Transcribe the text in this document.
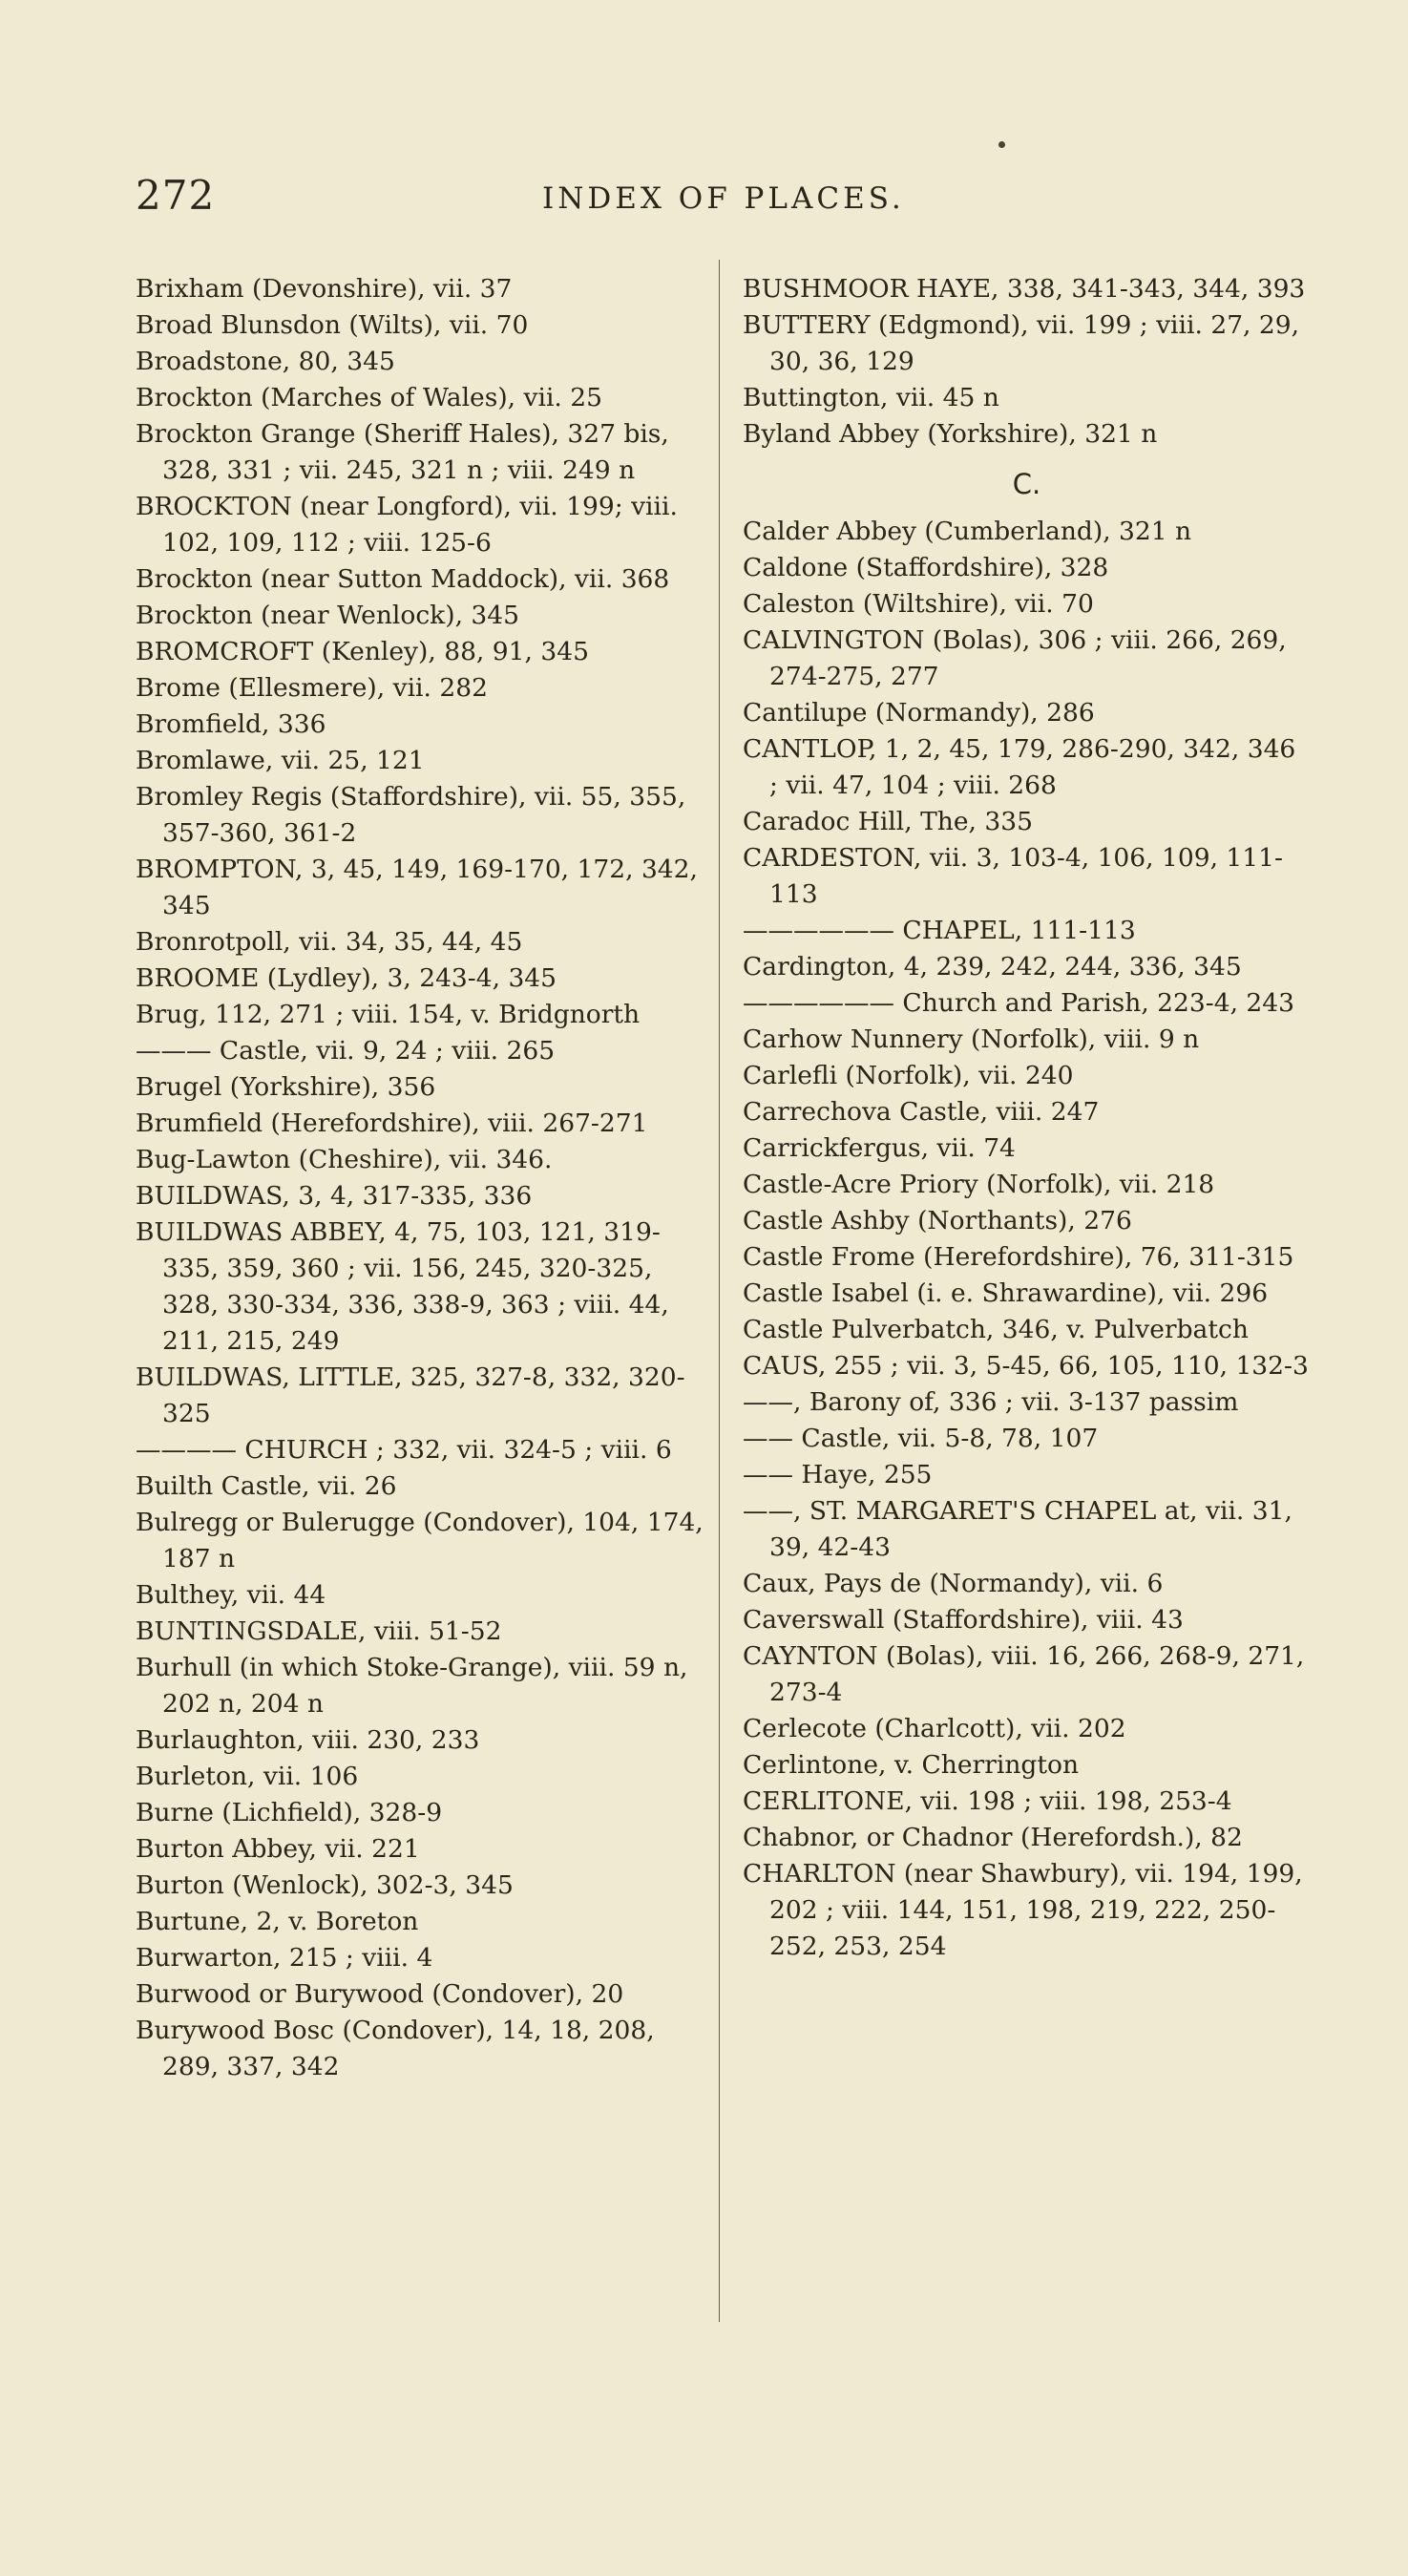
272	INDEX OF PLACES.

Brixham (Devonshire), vii. 37

Broad Blunsdon (Wilts), vii. 70

Broadstone, 80, 345

Brockton (Marches of Wales), vii. 25

Brockton Grange (Sheriff Hales), 327 bis, 328, 331 ; vii. 245, 321 n ; viii. 249 n

BROCKTON (near Longford), vii. 199; viii. 102, 109, 112 ; viii. 125-6

Brockton (near Sutton Maddock), vii. 368

Brockton (near Wenlock), 345

BROMCROFT (Kenley), 88, 91, 345

Brome (Ellesmere), vii. 282

Bromfield, 336

Bromlawe, vii. 25, 121

Bromley Regis (Staffordshire), vii. 55, 355, 357-360, 361-2

BROMPTON, 3, 45, 149, 169-170, 172, 342, 345

Bronrotpoll, vii. 34, 35, 44, 45

BROOME (Lydley), 3, 243-4, 345

Brug, 112, 271 ; viii. 154, v. Bridgnorth

——— Castle, vii. 9, 24 ; viii. 265

Brugel (Yorkshire), 356

Brumfield (Herefordshire), viii. 267-271

Bug-Lawton (Cheshire), vii. 346.

BUILDWAS, 3, 4, 317-335, 336

BUILDWAS ABBEY, 4, 75, 103, 121, 319-335, 359, 360 ; vii. 156, 245, 320-325, 328, 330-334, 336, 338-9, 363 ; viii. 44, 211, 215, 249

BUILDWAS, LITTLE, 325, 327-8, 332, 320-325

———— CHURCH ; 332, vii. 324-5 ; viii. 6

Builth Castle, vii. 26

Bulregg or Bulerugge (Condover), 104, 174, 187 n

Bulthey, vii. 44

BUNTINGSDALE, viii. 51-52

Burhull (in which Stoke-Grange), viii. 59 n, 202 n, 204 n

Burlaughton, viii. 230, 233

Burleton, vii. 106

Burne (Lichfield), 328-9

Burton Abbey, vii. 221

Burton (Wenlock), 302-3, 345

Burtune, 2, v. Boreton

Burwarton, 215 ; viii. 4

Burwood or Burywood (Condover), 20

Burywood Bosc (Condover), 14, 18, 208, 289, 337, 342

BUSHMOOR HAYE, 338, 341-343, 344, 393

BUTTERY (Edgmond), vii. 199 ; viii. 27, 29, 30, 36, 129

Buttington, vii. 45 n

Byland Abbey (Yorkshire), 321 n

C.

Calder Abbey (Cumberland), 321 n

Caldone (Staffordshire), 328

Caleston (Wiltshire), vii. 70

CALVINGTON (Bolas), 306 ; viii. 266, 269, 274-275, 277

Cantilupe (Normandy), 286

CANTLOP, 1, 2, 45, 179, 286-290, 342, 346 ; vii. 47, 104 ; viii. 268

Caradoc Hill, The, 335

CARDESTON, vii. 3, 103-4, 106, 109, 111-113

—————— CHAPEL, 111-113

Cardington, 4, 239, 242, 244, 336, 345

—————— Church and Parish, 223-4, 243

Carhow Nunnery (Norfolk), viii. 9 n

Carlefli (Norfolk), vii. 240

Carrechova Castle, viii. 247

Carrickfergus, vii. 74

Castle-Acre Priory (Norfolk), vii. 218

Castle Ashby (Northants), 276

Castle Frome (Herefordshire), 76, 311-315

Castle Isabel (i. e. Shrawardine), vii. 296

Castle Pulverbatch, 346, v. Pulverbatch

CAUS, 255 ; vii. 3, 5-45, 66, 105, 110, 132-3

——, Barony of, 336 ; vii. 3-137 passim

—— Castle, vii. 5-8, 78, 107

—— Haye, 255

——, ST. MARGARET'S CHAPEL at, vii. 31, 39, 42-43

Caux, Pays de (Normandy), vii. 6

Caverswall (Staffordshire), viii. 43

CAYNTON (Bolas), viii. 16, 266, 268-9, 271, 273-4

Cerlecote (Charlcott), vii. 202

Cerlintone, v. Cherrington

CERLITONE, vii. 198 ; viii. 198, 253-4

Chabnor, or Chadnor (Herefordsh.), 82

CHARLTON (near Shawbury), vii. 194, 199, 202 ; viii. 144, 151, 198, 219, 222, 250-252, 253, 254
